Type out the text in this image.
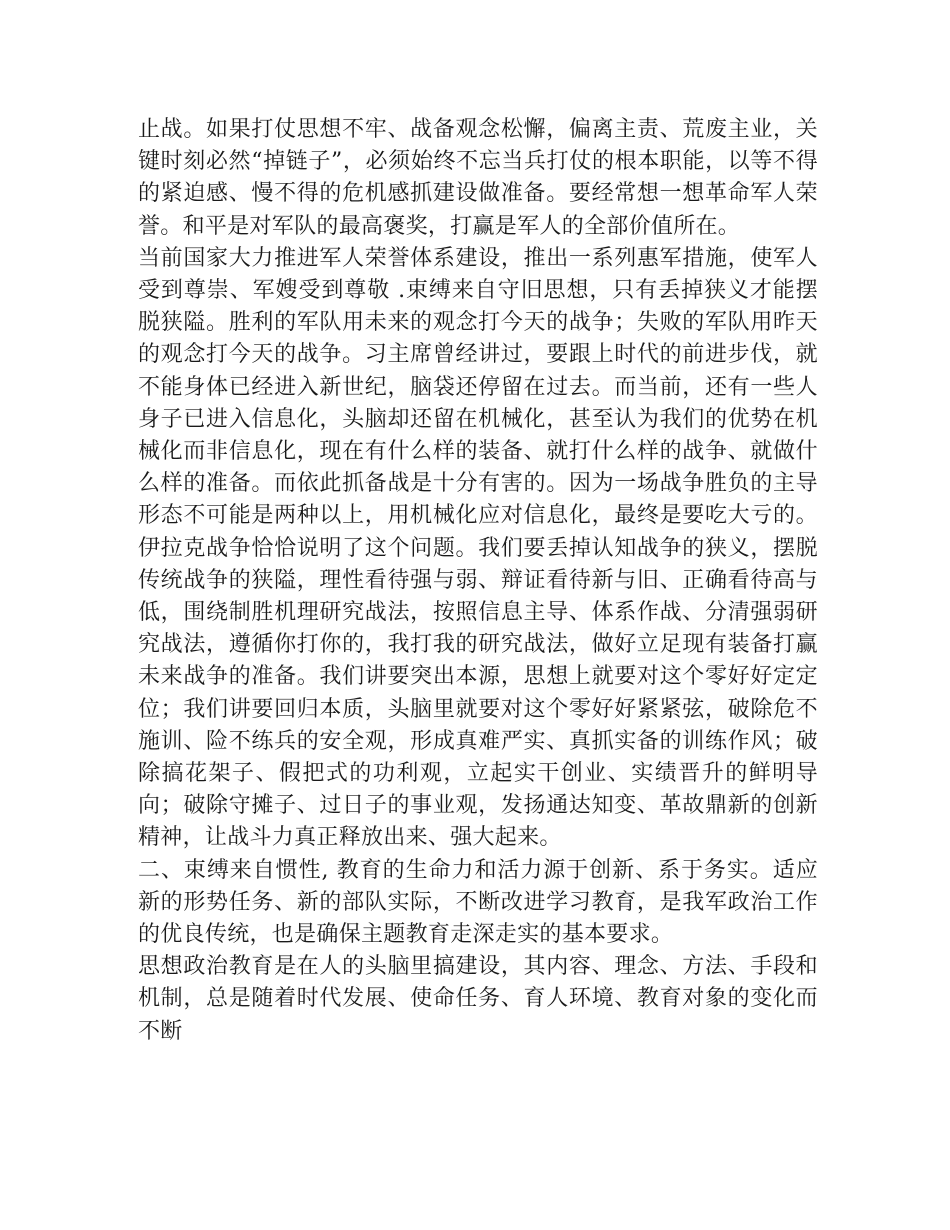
止战。如果打仗思想不牢、战备观念松懈，偏离主责、荒废主业，关键时刻必然“掉链子”，必须始终不忘当兵打仗的根本职能，以等不得的紧迫感、慢不得的危机感抓建设做准备。要经常想一想革命军人荣誉。和平是对军队的最高褒奖，打赢是军人的全部价值所在。

当前国家大力推进军人荣誉体系建设，推出一系列惠军措施，使军人受到尊崇、军嫂受到尊敬 .束缚来自守旧思想，只有丢掉狭义才能摆脱狭隘。胜利的军队用未来的观念打今天的战争；失败的军队用昨天的观念打今天的战争。习主席曾经讲过，要跟上时代的前进步伐，就不能身体已经进入新世纪，脑袋还停留在过去。而当前，还有一些人身子已进入信息化，头脑却还留在机械化，甚至认为我们的优势在机械化而非信息化，现在有什么样的装备、就打什么样的战争、就做什么样的准备。而依此抓备战是十分有害的。因为一场战争胜负的主导形态不可能是两种以上，用机械化应对信息化，最终是要吃大亏的。伊拉克战争恰恰说明了这个问题。我们要丢掉认知战争的狭义，摆脱传统战争的狭隘，理性看待强与弱、辩证看待新与旧、正确看待高与低，围绕制胜机理研究战法，按照信息主导、体系作战、分清强弱研究战法，遵循你打你的，我打我的研究战法，做好立足现有装备打赢未来战争的准备。我们讲要突出本源，思想上就要对这个零好好定定位；我们讲要回归本质，头脑里就要对这个零好好紧紧弦，破除危不施训、险不练兵的安全观，形成真难严实、真抓实备的训练作风；破除搞花架子、假把式的功利观，立起实干创业、实绩晋升的鲜明导向；破除守摊子、过日子的事业观，发扬通达知变、革故鼎新的创新精神，让战斗力真正释放出来、强大起来。

二、束缚来自惯性, 教育的生命力和活力源于创新、系于务实。适应新的形势任务、新的部队实际，不断改进学习教育，是我军政治工作的优良传统，也是确保主题教育走深走实的基本要求。

思想政治教育是在人的头脑里搞建设，其内容、理念、方法、手段和机制，总是随着时代发展、使命任务、育人环境、教育对象的变化而不断
